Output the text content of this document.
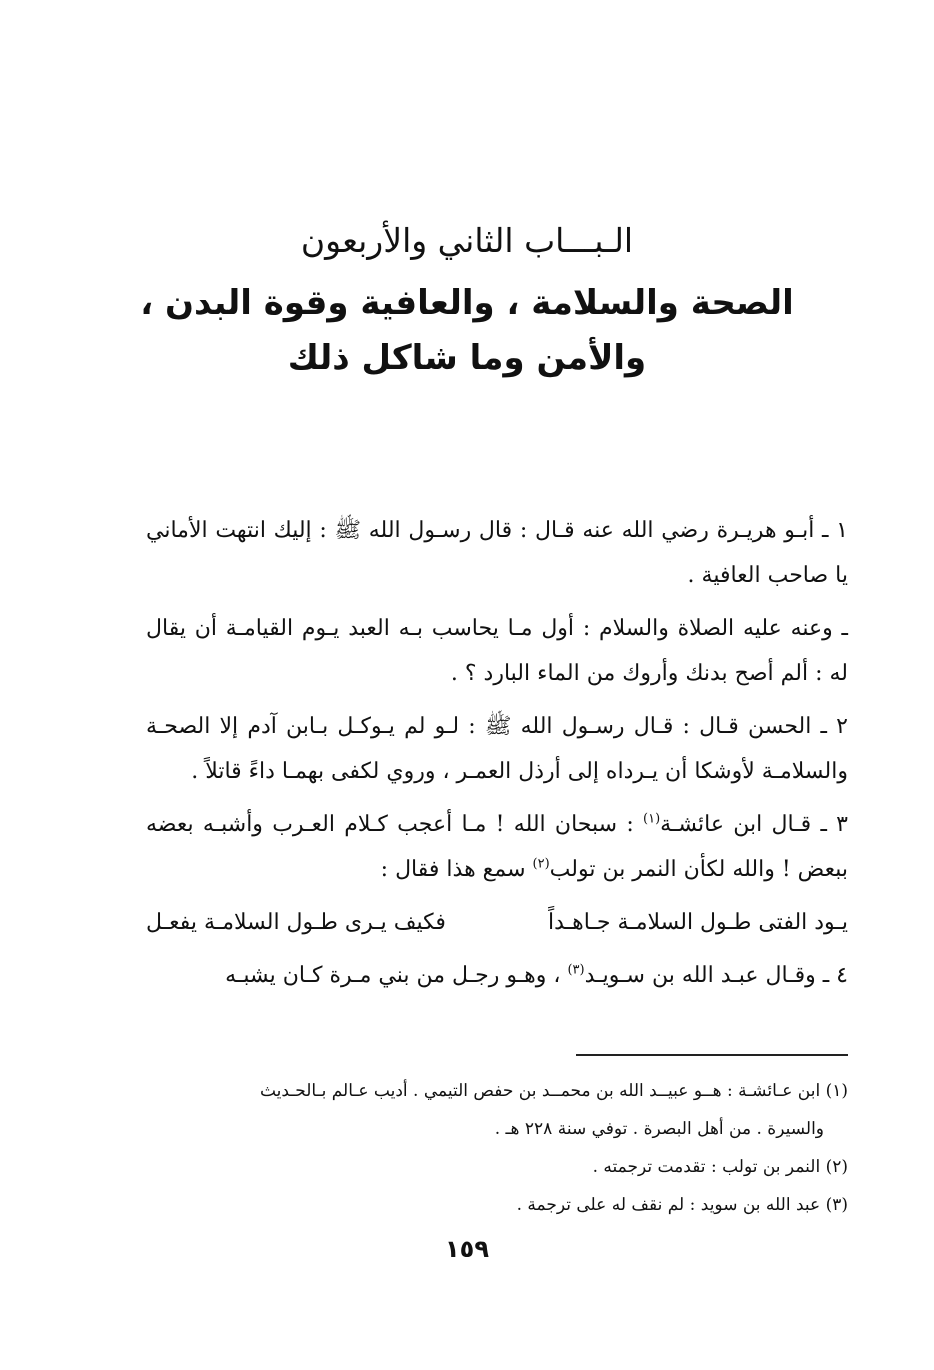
الـبـــاب الثاني والأربعون
الصحة والسلامة ، والعافية وقوة البدن ،
والأمن وما شاكل ذلك

١ ـ أبـو هريـرة رضي الله عنه قـال : قال رسـول الله ﷺ : إليك انتهت الأماني يا صاحب العافية .

ـ وعنه عليه الصلاة والسلام : أول مـا يحاسب بـه العبد يـوم القيامـة أن يقال له : ألم أصح بدنك وأروك من الماء البارد ؟ .

٢ ـ الحسن قـال : قـال رسـول الله ﷺ : لـو لم يـوكـل بـابن آدم إلا الصحـة والسلامـة لأوشكا أن يـرداه إلى أرذل العمـر ، وروي لكفى بهمـا داءً قاتلاً .

٣ ـ قـال ابن عائشـة$^{(١)}$ : سبحان الله ! مـا أعجب كـلام العـرب وأشبـه بعضه ببعض ! والله لكأن النمر بن تولب$^{(٢)}$ سمع هذا فقال :

يـود الفتى طـول السلامـة جـاهـداً
فكيف يـرى طـول السلامـة يفعـل

٤ ـ وقـال عبـد الله بن سـويـد$^{(٣)}$ ، وهـو رجـل من بني مـرة كـان يشبـه

(١) ابن عـائشـة : هــو عبيــد الله بن محمــد بن حفص التيمي . أديب عـالم بـالحـديث

والسيرة . من أهل البصرة . توفي سنة ٢٢٨ هـ .

(٢) النمر بن تولب : تقدمت ترجمته .

(٣) عبد الله بن سويد : لم نقف له على ترجمة .

١٥٩
